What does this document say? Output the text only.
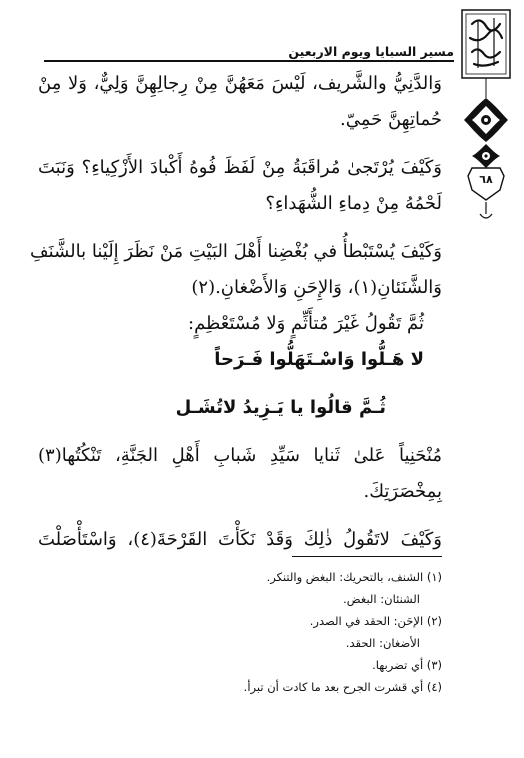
٦٨
مسير السبايا ويوم الاربعين
وَالدَّنِيُّ والشَّريف، لَيْسَ مَعَهُنَّ مِنْ رِجالِهِنَّ وَلِيٌّ، وَلا مِنْ
حُماتِهِنَّ حَمِيّ.
وَكَيْفَ يُرْتَجىٰ مُراقَبَةُ مِنْ لَفَظَ فُوهُ أَكْبادَ الأَزْكِياءِ؟ وَنَبَتَ
لَحْمُهُ مِنْ دِماءِ الشُّهَداءِ؟
وَكَيْفَ يُسْتَبْطأُ في بُغْضِنا أَهْلَ البَيْتِ مَنْ نَظَرَ إِلَيْنا بالشَّنَفِ
وَالشَّنَئانِ(١)، وَالإِحَنِ وَالأَضْغانِ.(٢)
ثُمَّ تَقُولُ غَيْرَ مُتأَثِّمٍ وَلا مُسْتَعْظِمٍ:
لا هَـلُّوا وَاسْـتَهَلُّوا فَـرَحاً
ثُـمَّ قالُوا يا يَـزِيدُ لاتُشَـل
مُنْحَنِياً عَلىٰ ثَنايا سَيِّدِ شَبابِ أَهْلِ الجَنَّةِ، تَنْكُتُها(٣)
بِمِخْصَرَتِكَ.
وَكَيْفَ لاتَقُولُ ذٰلِكَ وَقَدْ نَكَأْتَ القَرْحَةَ(٤)، وَاسْتَأْصَلْتَ
(١) الشنف، بالتحريك: البغض والتنكر.
الشنئان: البغض.
(٢) الإحَن: الحقد في الصدر.
الأضغان: الحقد.
(٣) أي تضربها.
(٤) أي قشرت الجرح بعد ما كادت أن تبرأ.
